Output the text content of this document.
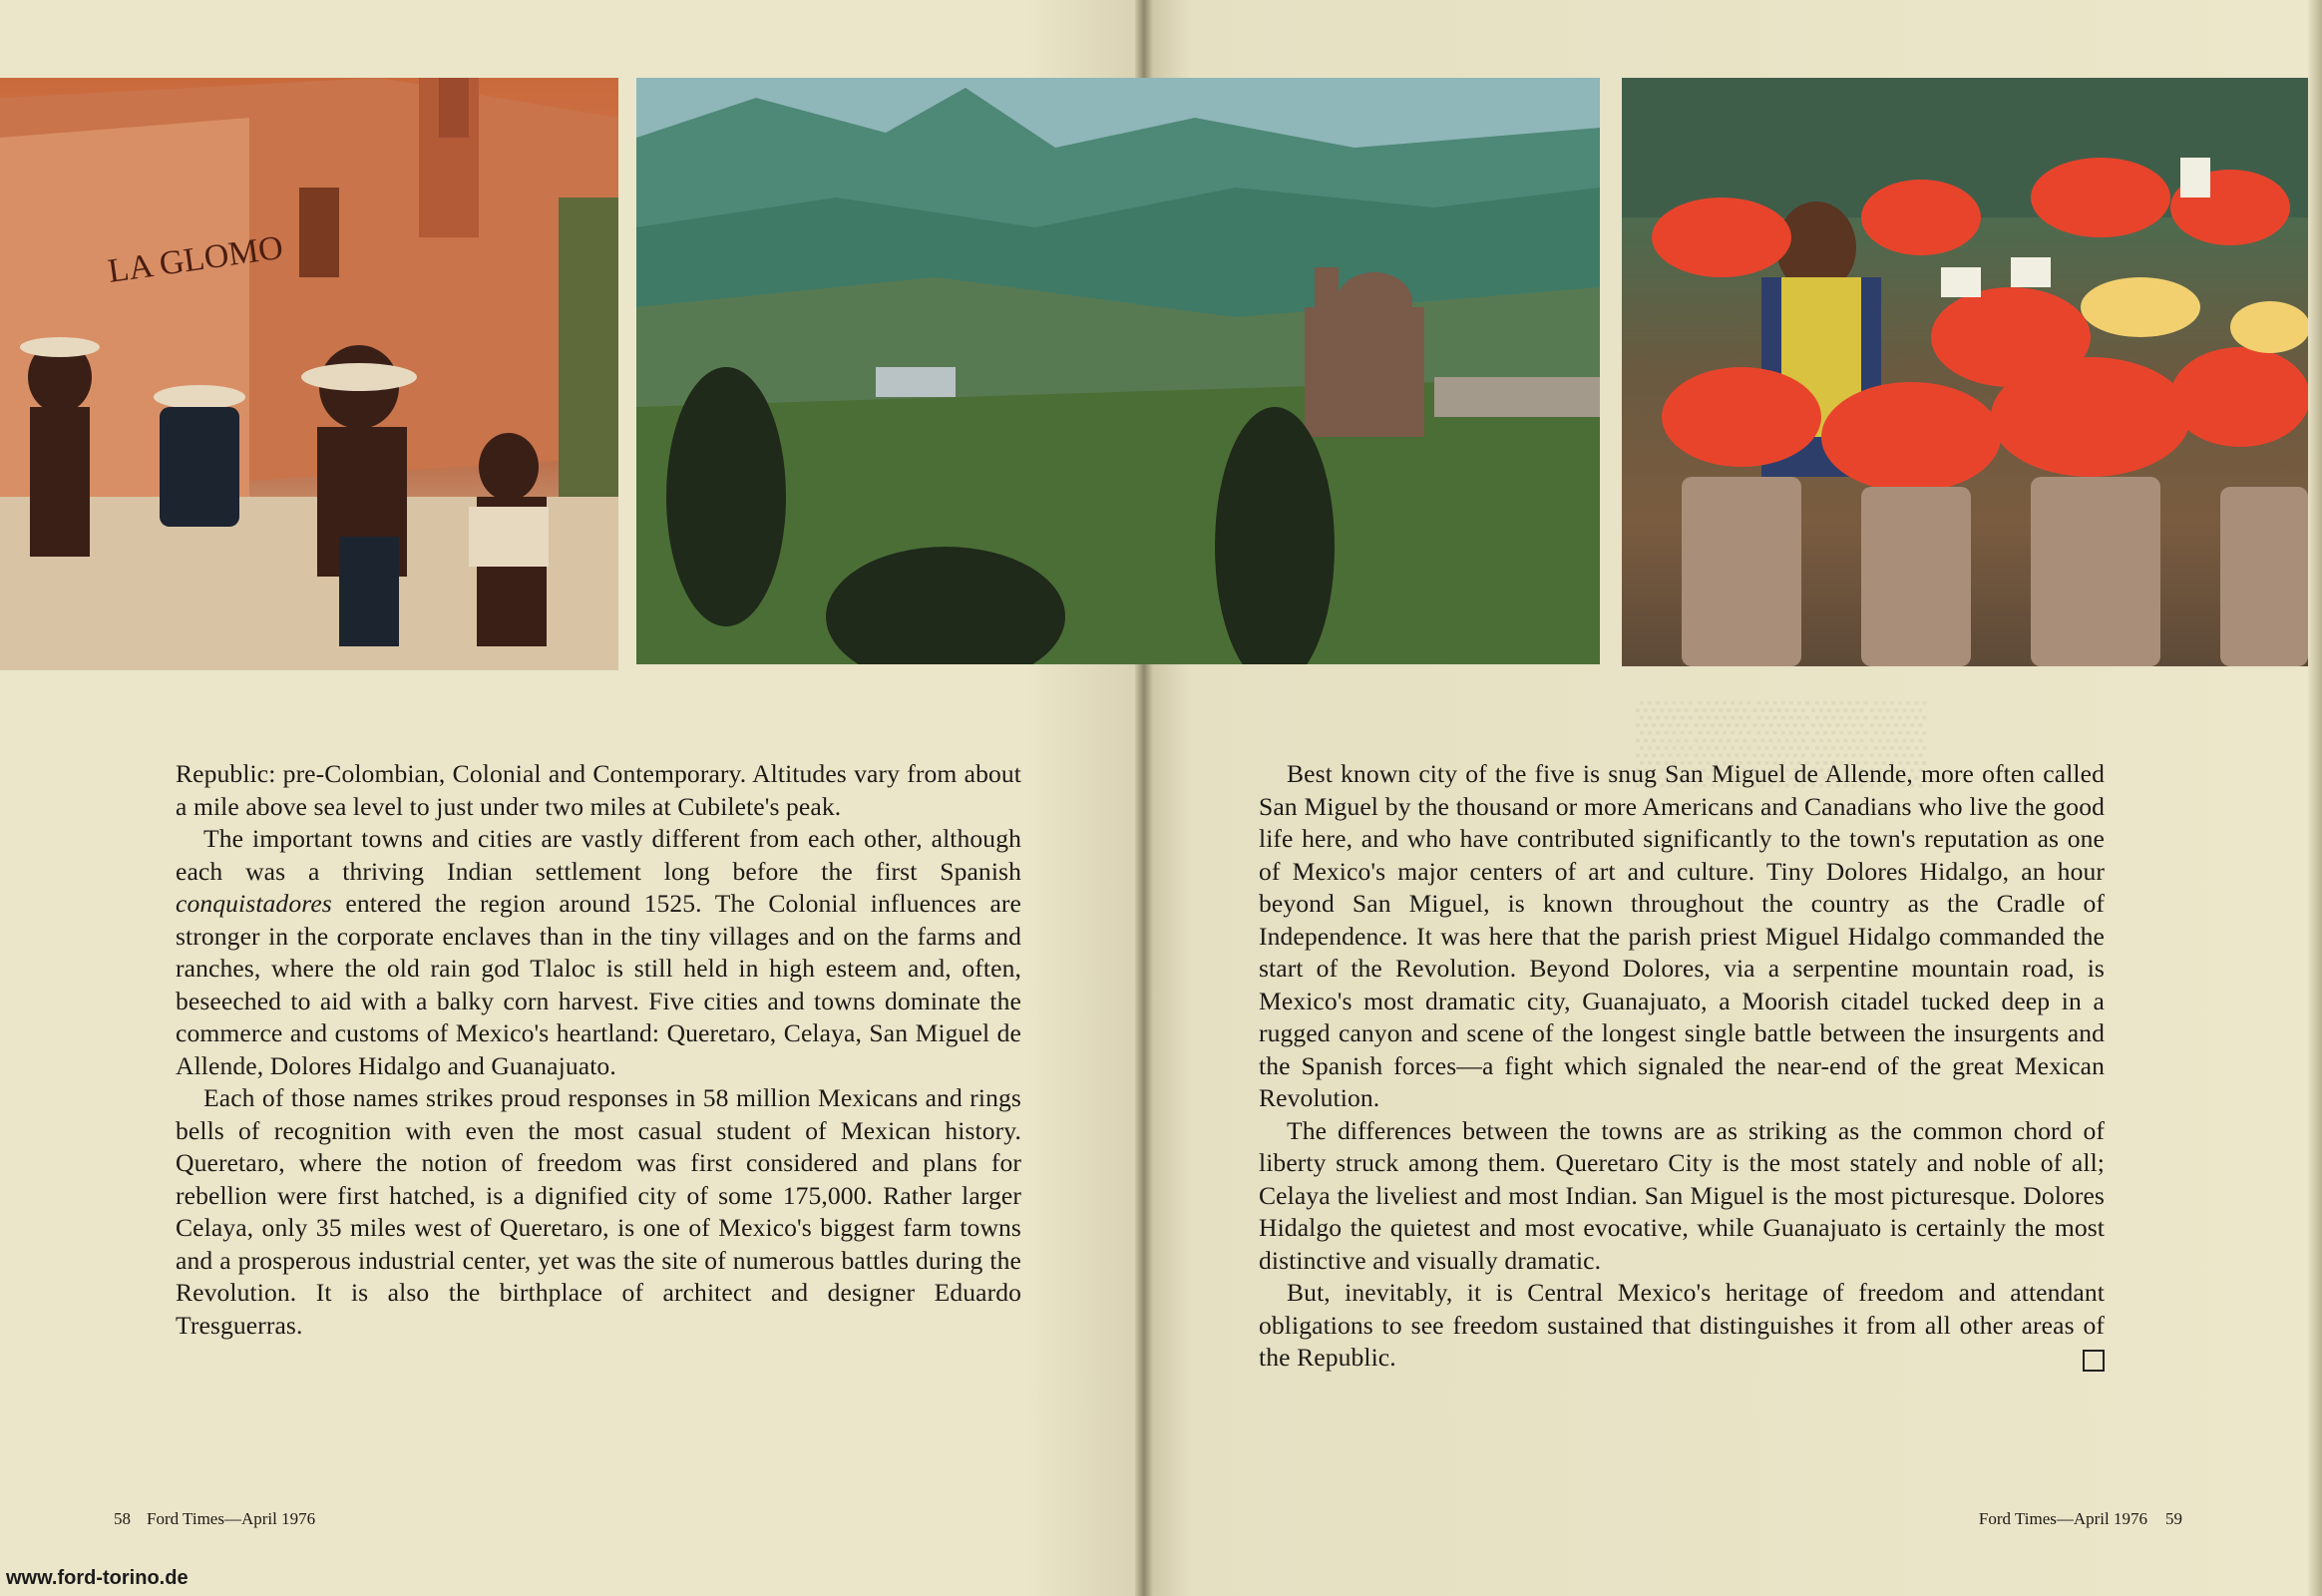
LA GLOMO

Republic: pre-Colombian, Colonial and Contemporary. Altitudes vary from about a mile above sea level to just under two miles at Cubilete's peak.

The important towns and cities are vastly different from each other, although each was a thriving Indian settlement long before the first Spanish conquistadores entered the region around 1525. The Colonial influences are stronger in the corporate enclaves than in the tiny villages and on the farms and ranches, where the old rain god Tlaloc is still held in high esteem and, often, beseeched to aid with a balky corn harvest. Five cities and towns dominate the commerce and customs of Mexico's heartland: Queretaro, Celaya, San Miguel de Allende, Dolores Hidalgo and Guanajuato.

Each of those names strikes proud responses in 58 million Mexicans and rings bells of recognition with even the most casual student of Mexican history. Queretaro, where the notion of freedom was first considered and plans for rebellion were first hatched, is a dignified city of some 175,000. Rather larger Celaya, only 35 miles west of Queretaro, is one of Mexico's biggest farm towns and a prosperous industrial center, yet was the site of numerous battles during the Revolution. It is also the birthplace of architect and designer Eduardo Tresguerras.

Best known city of the five is snug San Miguel de Allende, more often called San Miguel by the thousand or more Americans and Canadians who live the good life here, and who have contributed significantly to the town's reputation as one of Mexico's major centers of art and culture. Tiny Dolores Hidalgo, an hour beyond San Miguel, is known throughout the country as the Cradle of Independence. It was here that the parish priest Miguel Hidalgo commanded the start of the Revolution. Beyond Dolores, via a serpentine mountain road, is Mexico's most dramatic city, Guanajuato, a Moorish citadel tucked deep in a rugged canyon and scene of the longest single battle between the insurgents and the Spanish forces—a fight which signaled the near-end of the great Mexican Revolution.

The differences between the towns are as striking as the common chord of liberty struck among them. Queretaro City is the most stately and noble of all; Celaya the liveliest and most Indian. San Miguel is the most picturesque. Dolores Hidalgo the quietest and most evocative, while Guanajuato is certainly the most distinctive and visually dramatic.

But, inevitably, it is Central Mexico's heritage of freedom and attendant obligations to see freedom sustained that distinguishes it from all other areas of the Republic.

58 Ford Times—April 1976	Ford Times—April 1976 59
www.ford-torino.de
